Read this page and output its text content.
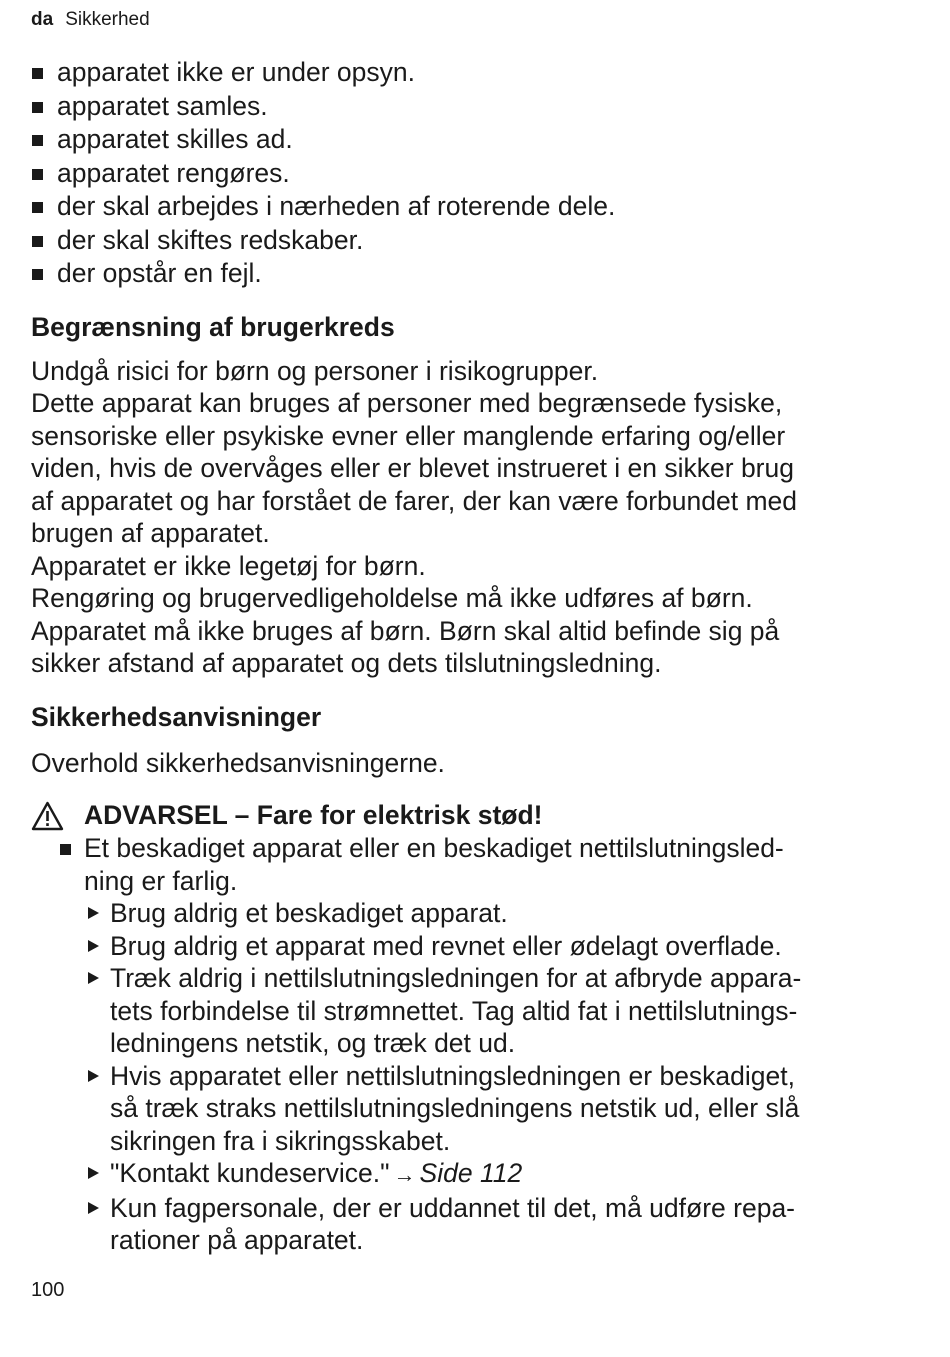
da Sikkerhed
apparatet ikke er under opsyn.
apparatet samles.
apparatet skilles ad.
apparatet rengøres.
der skal arbejdes i nærheden af roterende dele.
der skal skiftes redskaber.
der opstår en fejl.
Begrænsning af brugerkreds
Undgå risici for børn og personer i risikogrupper.
Dette apparat kan bruges af personer med begrænsede fysiske,
sensoriske eller psykiske evner eller manglende erfaring og/eller
viden, hvis de overvåges eller er blevet instrueret i en sikker brug
af apparatet og har forstået de farer, der kan være forbundet med
brugen af apparatet.
Apparatet er ikke legetøj for børn.
Rengøring og brugervedligeholdelse må ikke udføres af børn.
Apparatet må ikke bruges af børn. Børn skal altid befinde sig på
sikker afstand af apparatet og dets tilslutningsledning.
Sikkerhedsanvisninger
Overhold sikkerhedsanvisningerne.
ADVARSEL – Fare for elektrisk stød!
Et beskadiget apparat eller en beskadiget nettilslutningsled-
ning er farlig.
Brug aldrig et beskadiget apparat.
Brug aldrig et apparat med revnet eller ødelagt overflade.
Træk aldrig i nettilslutningsledningen for at afbryde appara-
tets forbindelse til strømnettet. Tag altid fat i nettilslutnings-
ledningens netstik, og træk det ud.
Hvis apparatet eller nettilslutningsledningen er beskadiget,
så træk straks nettilslutningsledningens netstik ud, eller slå
sikringen fra i sikringsskabet.
"Kontakt kundeservice." → Side 112
Kun fagpersonale, der er uddannet til det, må udføre repa-
rationer på apparatet.
100
